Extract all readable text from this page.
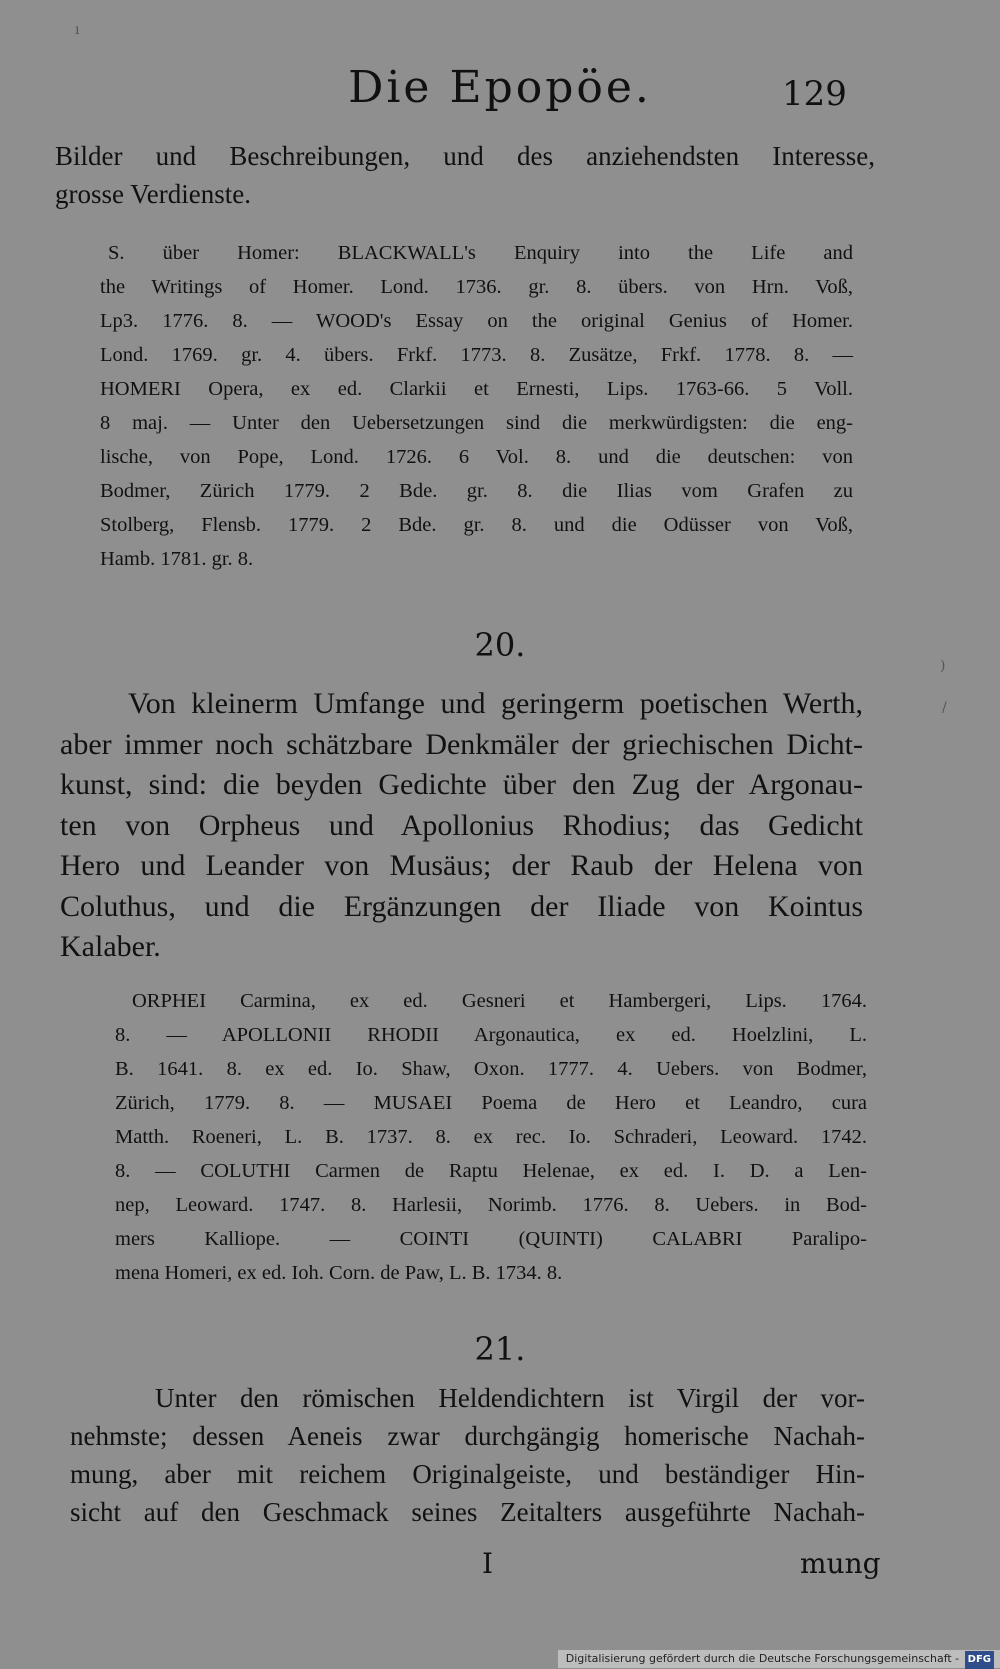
ı
Die Epopöe.	129
Bilder und Beschreibungen, und des anziehendsten Interesse,
grosse Verdienste.
S. über Homer: BLACKWALL's Enquiry into the Life and
the Writings of Homer. Lond. 1736. gr. 8. übers. von Hrn. Voß,
Lp3. 1776. 8. — WOOD's Essay on the original Genius of Homer.
Lond. 1769. gr. 4. übers. Frkf. 1773. 8. Zusätze, Frkf. 1778. 8. —
HOMERI Opera, ex ed. Clarkii et Ernesti, Lips. 1763-66. 5 Voll.
8 maj. — Unter den Uebersetzungen sind die merkwürdigsten: die eng-
lische, von Pope, Lond. 1726. 6 Vol. 8. und die deutschen: von
Bodmer, Zürich 1779. 2 Bde. gr. 8. die Ilias vom Grafen zu
Stolberg, Flensb. 1779. 2 Bde. gr. 8. und die Odüsser von Voß,
Hamb. 1781. gr. 8.
20.
Von kleinerm Umfange und geringerm poetischen Werth,
aber immer noch schätzbare Denkmäler der griechischen Dicht-
kunst, sind: die beyden Gedichte über den Zug der Argonau-
ten von Orpheus und Apollonius Rhodius; das Gedicht
Hero und Leander von Musäus; der Raub der Helena von
Coluthus, und die Ergänzungen der Iliade von Kointus
Kalaber.
ORPHEI Carmina, ex ed. Gesneri et Hambergeri, Lips. 1764.
8. — APOLLONII RHODII Argonautica, ex ed. Hoelzlini, L.
B. 1641. 8. ex ed. Io. Shaw, Oxon. 1777. 4. Uebers. von Bodmer,
Zürich, 1779. 8. — MUSAEI Poema de Hero et Leandro, cura
Matth. Roeneri, L. B. 1737. 8. ex rec. Io. Schraderi, Leoward. 1742.
8. — COLUTHI Carmen de Raptu Helenae, ex ed. I. D. a Len-
nep, Leoward. 1747. 8. Harlesii, Norimb. 1776. 8. Uebers. in Bod-
mers Kalliope. — COINTI (QUINTI) CALABRI Paralipo-
mena Homeri, ex ed. Ioh. Corn. de Paw, L. B. 1734. 8.
21.
Unter den römischen Heldendichtern ist Virgil der vor-
nehmste; dessen Aeneis zwar durchgängig homerische Nachah-
mung, aber mit reichem Originalgeiste, und beständiger Hin-
sicht auf den Geschmack seines Zeitalters ausgeführte Nachah-
I	mung
)
/
Digitalisierung gefördert durch die Deutsche Forschungsgemeinschaft - DFG
